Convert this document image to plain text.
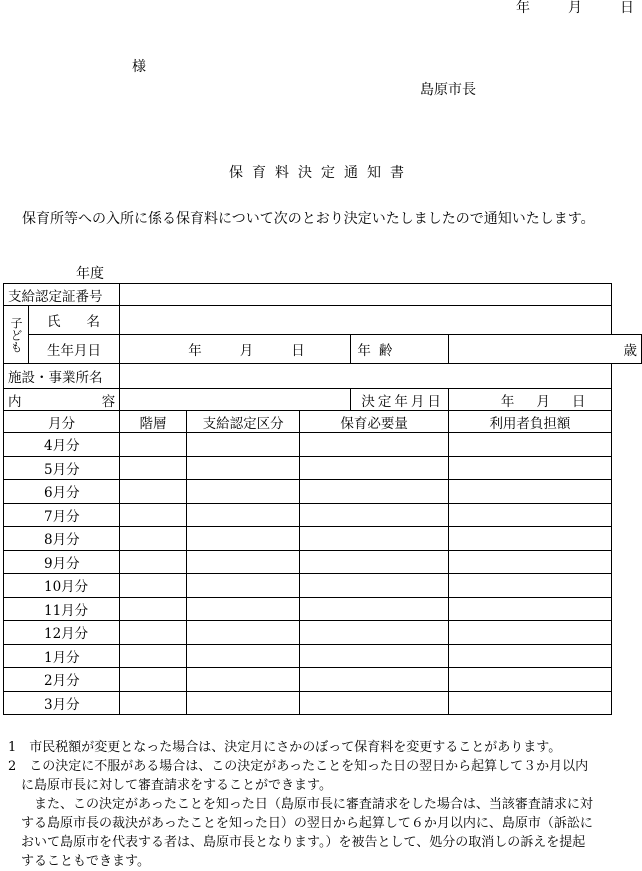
年	月	日
様
島原市長
保育料決定通知書
保育所等への入所に係る保育料について次のとおり決定いたしましたので通知いたします。
年度
支給認定証番号							
子ども	氏 名						
	生年月日	年 月 日			年齢		歳
施設・事業所名							

内 容					決定年月日	年 月 日	
月分		階層	支給認定区分	保育必要量		利用者負担額	
4月分							
5月分							
6月分							
7月分							
8月分							
9月分							
10月分							
11月分							
12月分							
1月分							
2月分							
3月分							
1　市民税額が変更となった場合は、決定月にさかのぼって保育料を変更することがあります。
2　この決定に不服がある場合は、この決定があったことを知った日の翌日から起算して３か月以内
　に島原市長に対して審査請求をすることができます。
　　また、この決定があったことを知った日（島原市長に審査請求をした場合は、当該審査請求に対
　する島原市長の裁決があったことを知った日）の翌日から起算して６か月以内に、島原市（訴訟に
　おいて島原市を代表する者は、島原市長となります。）を被告として、処分の取消しの訴えを提起
　することもできます。
